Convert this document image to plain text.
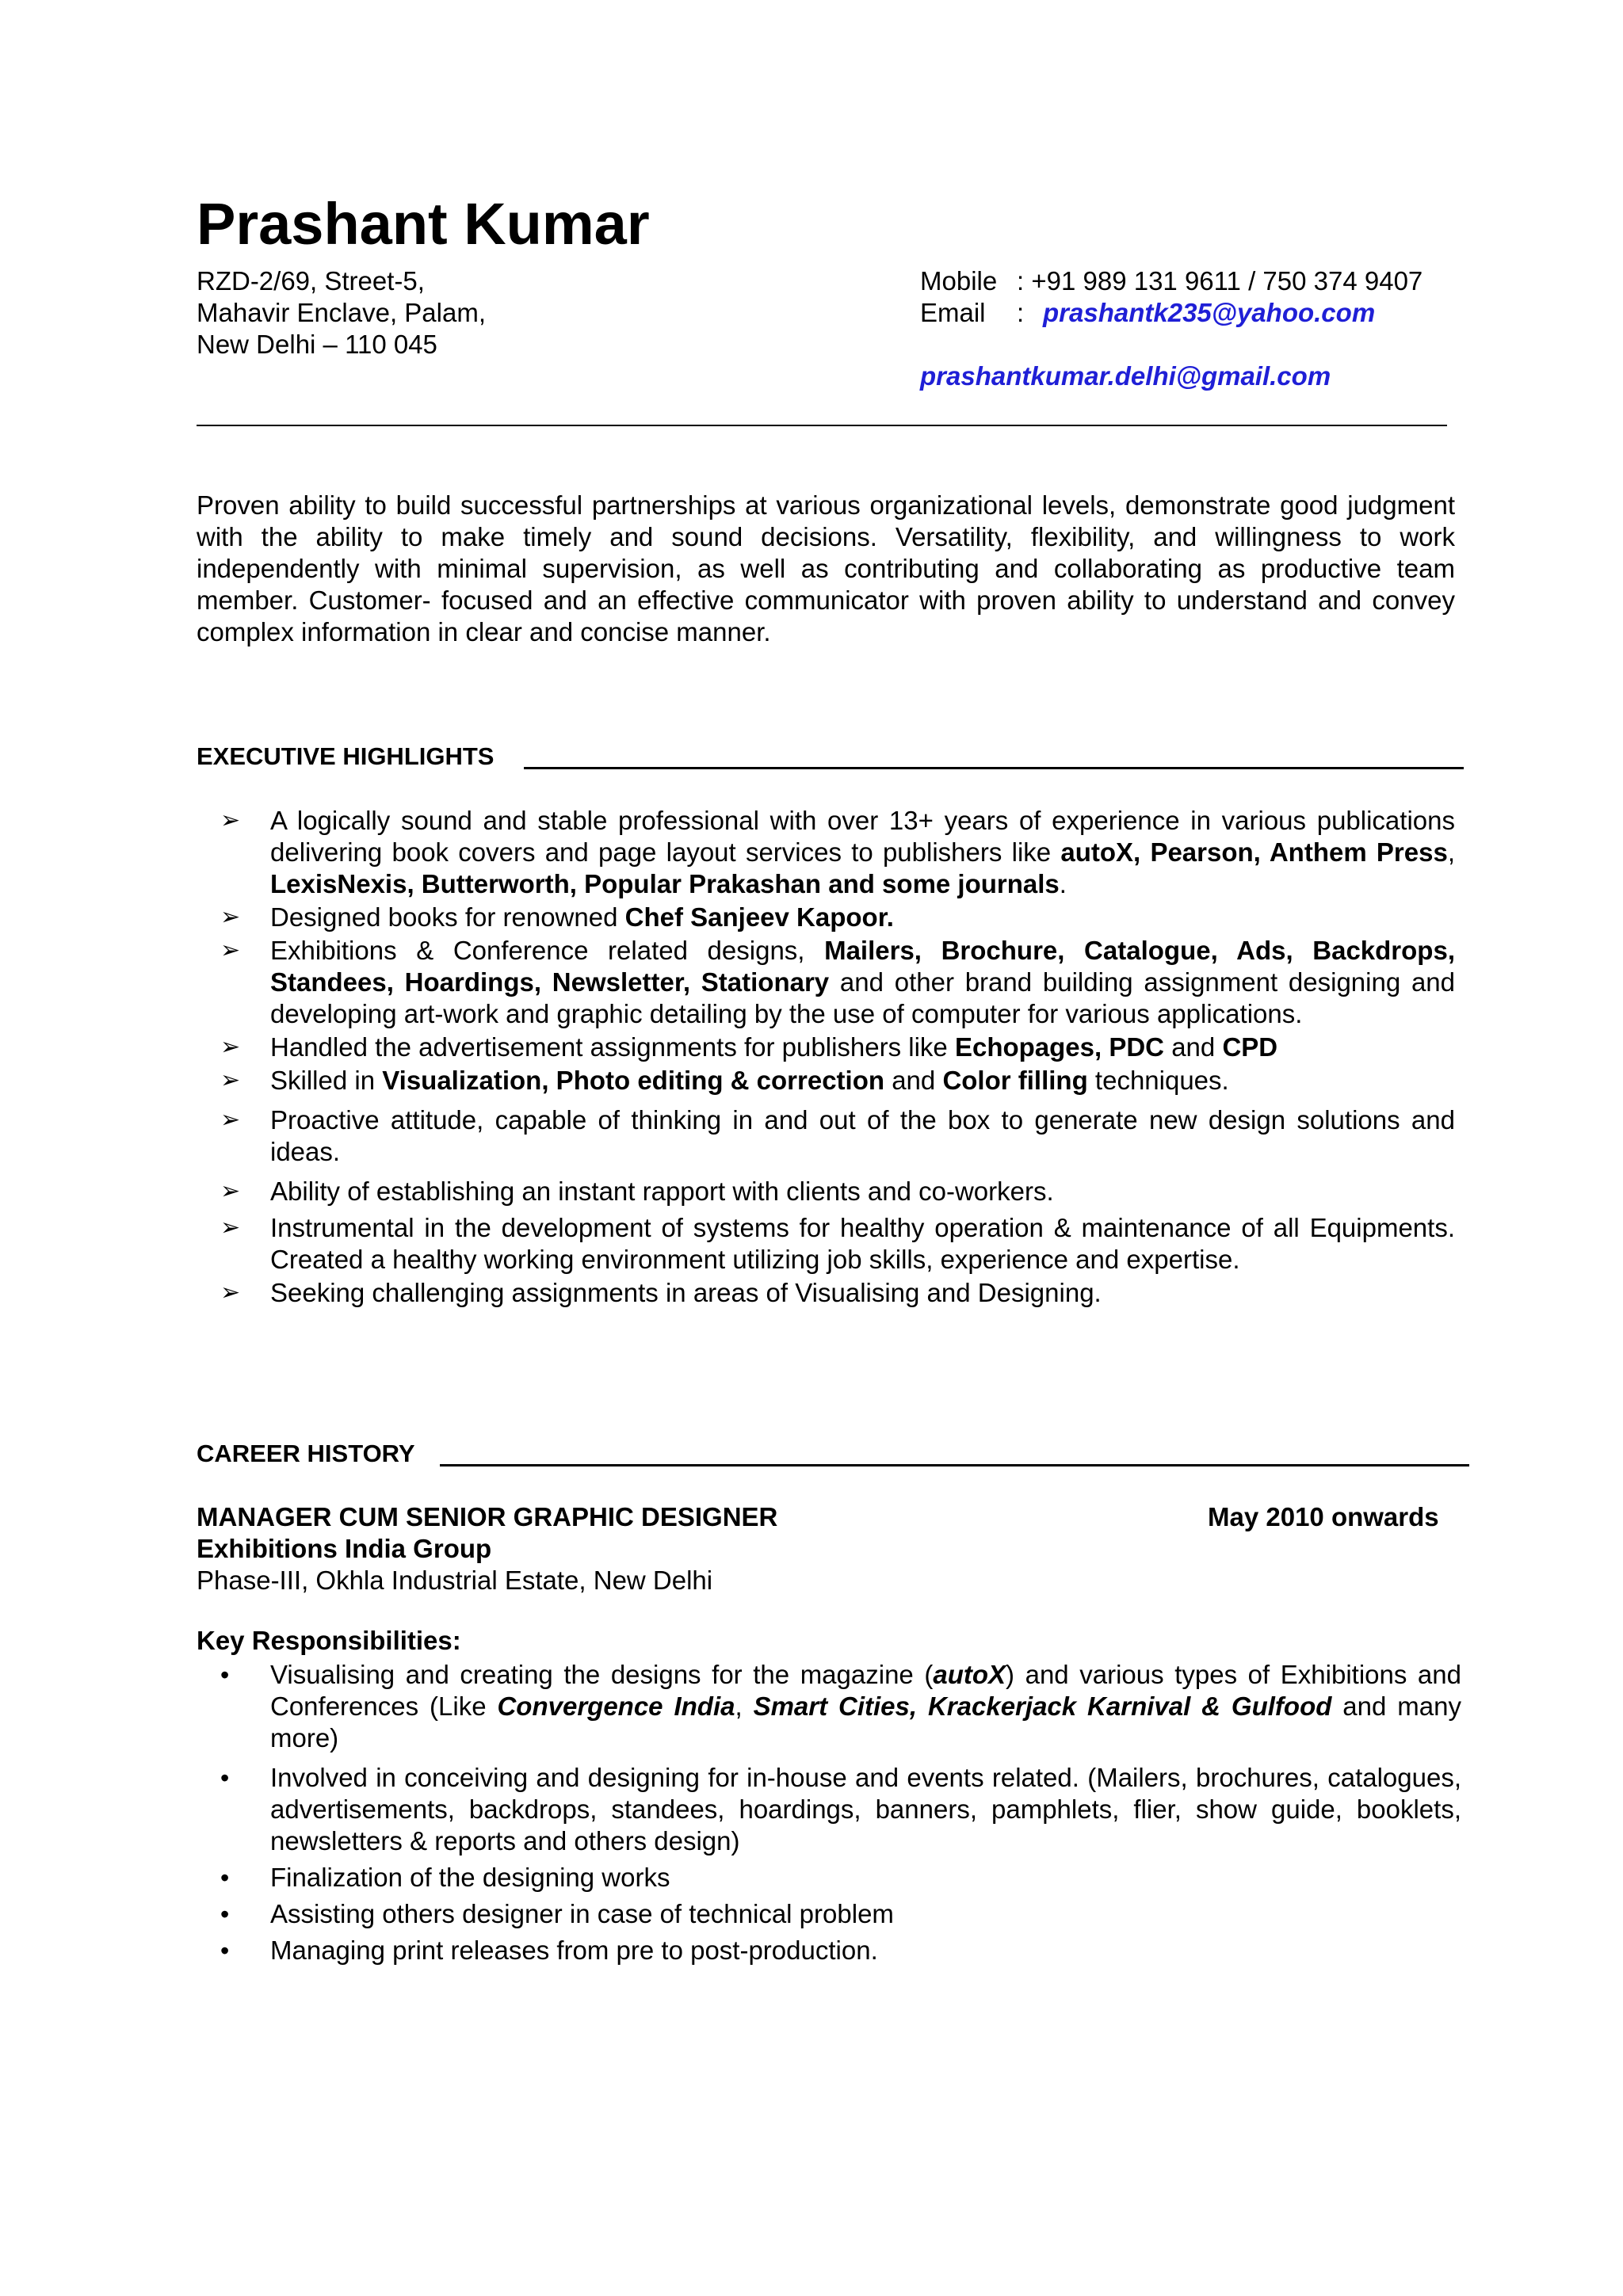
Prashant Kumar
RZD-2/69, Street-5,
Mahavir Enclave, Palam,
New Delhi – 110 045
Mobile : +91 989 131 9611 / 750 374 9407
Email : prashantk235@yahoo.com
prashantkumar.delhi@gmail.com

Proven ability to build successful partnerships at various organizational levels, demonstrate good judgment with the ability to make timely and sound decisions. Versatility, flexibility, and willingness to work independently with minimal supervision, as well as contributing and collaborating as productive team member. Customer- focused and an effective communicator with proven ability to understand and convey complex information in clear and concise manner.

EXECUTIVE HIGHLIGHTS
➢ A logically sound and stable professional with over 13+ years of experience in various publications delivering book covers and page layout services to publishers like autoX, Pearson, Anthem Press, LexisNexis, Butterworth, Popular Prakashan and some journals.
➢ Designed books for renowned Chef Sanjeev Kapoor.
➢ Exhibitions & Conference related designs, Mailers, Brochure, Catalogue, Ads, Backdrops, Standees, Hoardings, Newsletter, Stationary and other brand building assignment designing and developing art-work and graphic detailing by the use of computer for various applications.
➢ Handled the advertisement assignments for publishers like Echopages, PDC and CPD
➢ Skilled in Visualization, Photo editing & correction and Color filling techniques.
➢ Proactive attitude, capable of thinking in and out of the box to generate new design solutions and ideas.
➢ Ability of establishing an instant rapport with clients and co-workers.
➢ Instrumental in the development of systems for healthy operation & maintenance of all Equipments. Created a healthy working environment utilizing job skills, experience and expertise.
➢ Seeking challenging assignments in areas of Visualising and Designing.
CAREER HISTORY
MANAGER CUM SENIOR GRAPHIC DESIGNER	May 2010 onwards
Exhibitions India Group
Phase-III, Okhla Industrial Estate, New Delhi
Key Responsibilities:
• Visualising and creating the designs for the magazine (autoX) and various types of Exhibitions and Conferences (Like Convergence India, Smart Cities, Krackerjack Karnival & Gulfood and many more)
• Involved in conceiving and designing for in-house and events related. (Mailers, brochures, catalogues, advertisements, backdrops, standees, hoardings, banners, pamphlets, flier, show guide, booklets, newsletters & reports and others design)
• Finalization of the designing works
• Assisting others designer in case of technical problem
• Managing print releases from pre to post-production.
